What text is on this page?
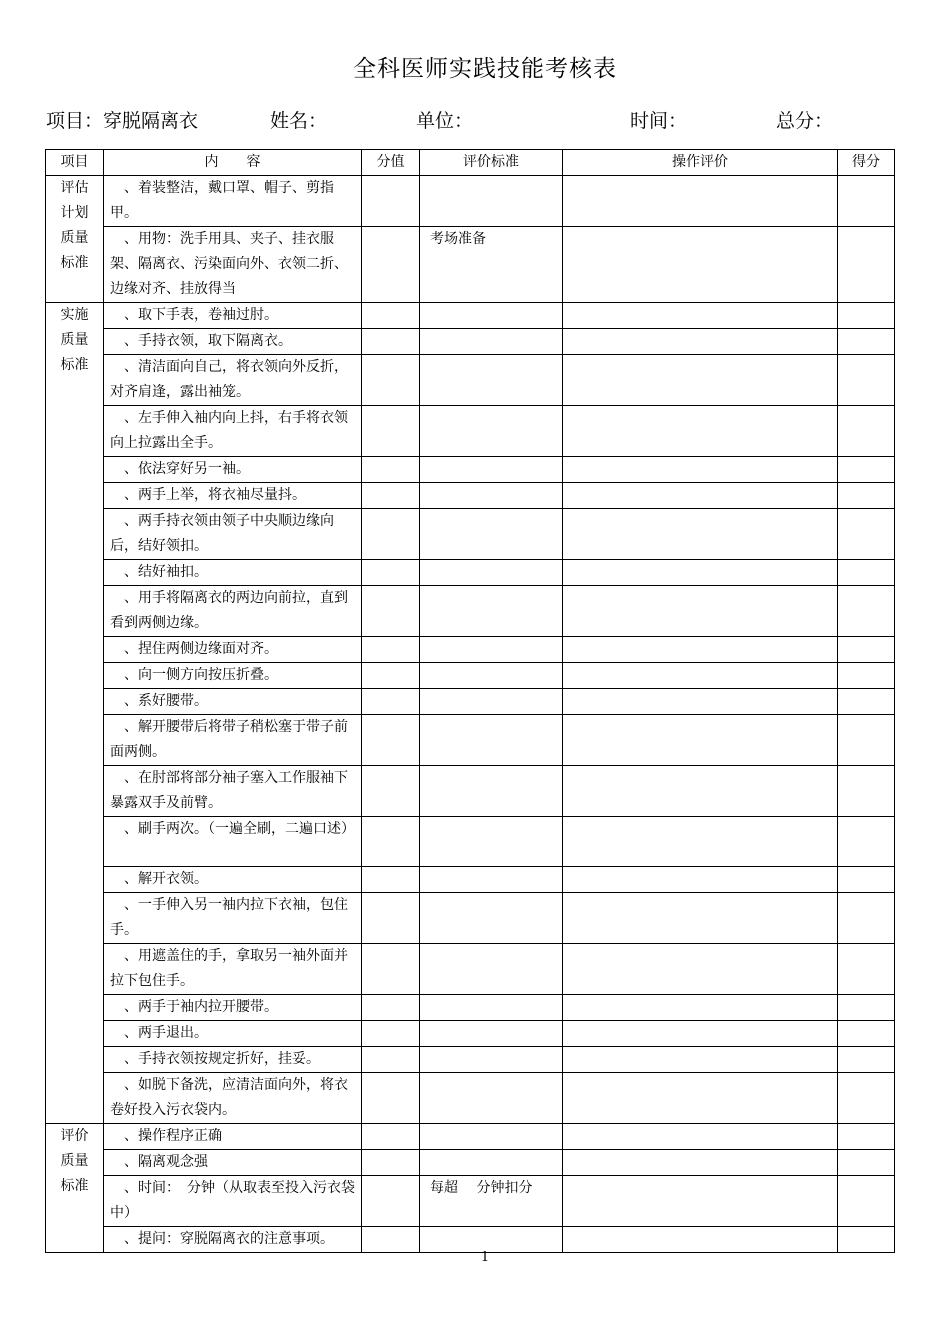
全科医师实践技能考核表
项目：穿脱隔离衣	姓名：	单位：	时间：	总分：
项目	内　　容	分值	评价标准	操作评价	得分
评估
计划
质量
标准	、着装整洁，戴口罩、帽子、剪指甲。				

	、用物：洗手用具、夹子、挂衣服架、隔离衣、污染面向外、衣领二折、边缘对齐、挂放得当		考场准备		
实施
质量
标准	、取下手表，卷袖过肘。				

	、手持衣领，取下隔离衣。				

	、清洁面向自己，将衣领向外反折，对齐肩逢，露出袖笼。				

	、左手伸入袖内向上抖，右手将衣领向上拉露出全手。				

	、依法穿好另一袖。				

	、两手上举，将衣袖尽量抖。				

	、两手持衣领由领子中央顺边缘向后，结好领扣。				

	、结好袖扣。				

	、用手将隔离衣的两边向前拉，直到看到两侧边缘。				

	、捏住两侧边缘面对齐。				

	、向一侧方向按压折叠。				

	、系好腰带。				

	、解开腰带后将带子稍松塞于带子前面两侧。				

	、在肘部将部分袖子塞入工作服袖下暴露双手及前臂。				

	、刷手两次。（一遍全刷，二遍口述）				

	、解开衣领。				

	、一手伸入另一袖内拉下衣袖，包住手。				

	、用遮盖住的手，拿取另一袖外面并拉下包住手。				

	、两手于袖内拉开腰带。				

	、两手退出。				

	、手持衣领按规定折好，挂妥。				

	、如脱下备洗，应清洁面向外，将衣卷好投入污衣袋内。				

评价
质量
标准	、操作程序正确				

	、隔离观念强				

	、时间：　分钟（从取表至投入污衣袋中）		每超　 分钟扣分		

	、提问：穿脱隔离衣的注意事项。				

1
